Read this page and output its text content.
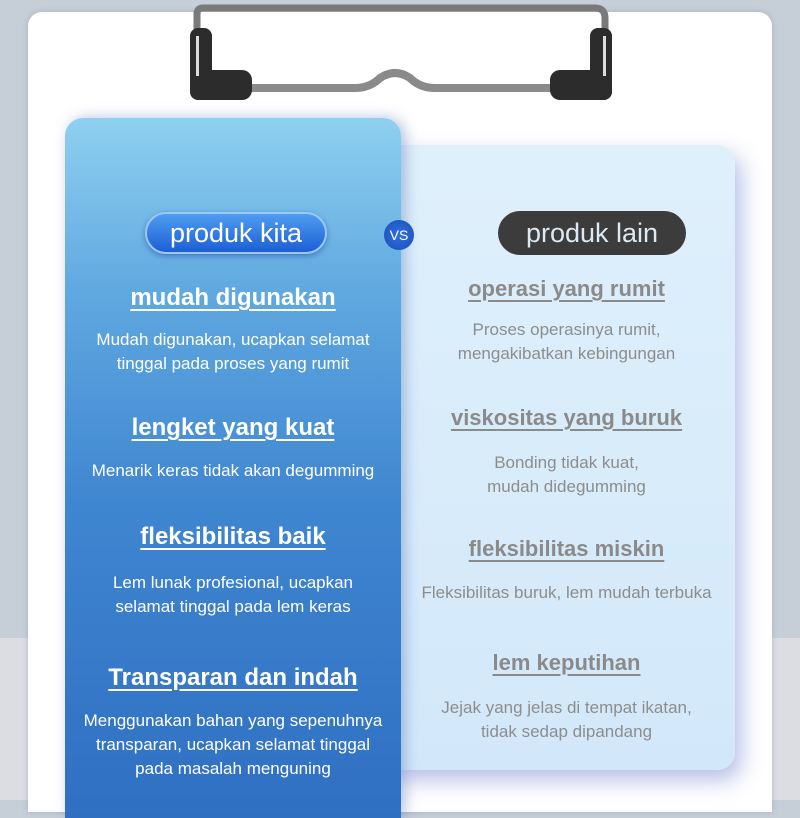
produk kita	VS	produk lain
mudah digunakan
Mudah digunakan, ucapkan selamat
tinggal pada proses yang rumit
lengket yang kuat
Menarik keras tidak akan degumming
fleksibilitas baik
Lem lunak profesional, ucapkan
selamat tinggal pada lem keras
Transparan dan indah
Menggunakan bahan yang sepenuhnya
transparan, ucapkan selamat tinggal
pada masalah menguning
operasi yang rumit
Proses operasinya rumit,
mengakibatkan kebingungan
viskositas yang buruk
Bonding tidak kuat,
mudah didegumming
fleksibilitas miskin
Fleksibilitas buruk, lem mudah terbuka
lem keputihan
Jejak yang jelas di tempat ikatan,
tidak sedap dipandang
